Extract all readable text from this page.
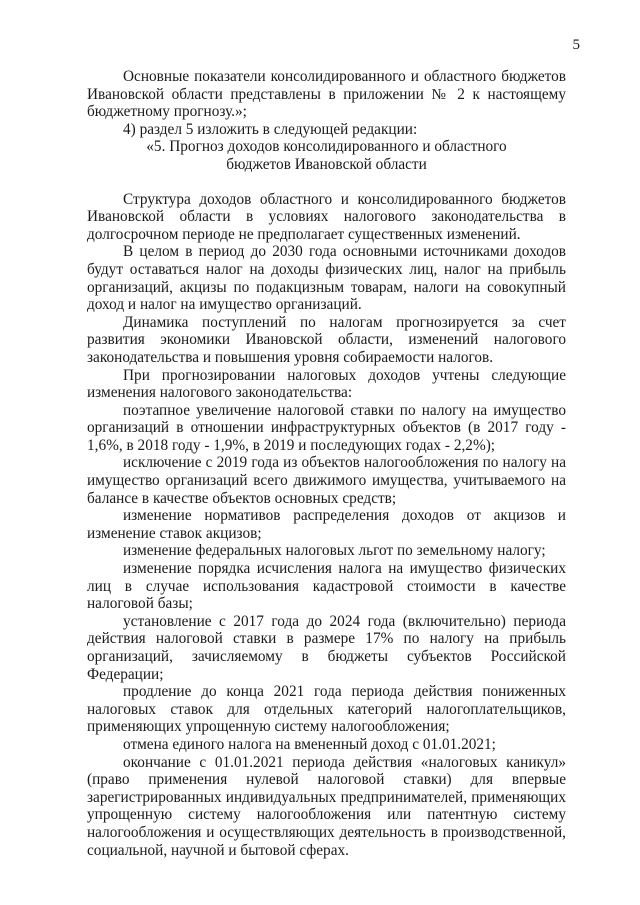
5

Основные показатели консолидированного и областного бюджетов Ивановской области представлены в приложении № 2 к настоящему бюджетному прогнозу.»;

4) раздел 5 изложить в следующей редакции:

«5. Прогноз доходов консолидированного и областного

бюджетов Ивановской области

Структура доходов областного и консолидированного бюджетов Ивановской области в условиях налогового законодательства в долгосрочном периоде не предполагает существенных изменений.

В целом в период до 2030 года основными источниками доходов будут оставаться налог на доходы физических лиц, налог на прибыль организаций, акцизы по подакцизным товарам, налоги на совокупный доход и налог на имущество организаций.

Динамика поступлений по налогам прогнозируется за счет развития экономики Ивановской области, изменений налогового законодательства и повышения уровня собираемости налогов.

При прогнозировании налоговых доходов учтены следующие изменения налогового законодательства:

поэтапное увеличение налоговой ставки по налогу на имущество организаций в отношении инфраструктурных объектов (в 2017 году - 1,6%, в 2018 году - 1,9%, в 2019 и последующих годах - 2,2%);

исключение с 2019 года из объектов налогообложения по налогу на имущество организаций всего движимого имущества, учитываемого на балансе в качестве объектов основных средств;

изменение нормативов распределения доходов от акцизов и изменение ставок акцизов;

изменение федеральных налоговых льгот по земельному налогу;

изменение порядка исчисления налога на имущество физических лиц в случае использования кадастровой стоимости в качестве налоговой базы;

установление с 2017 года до 2024 года (включительно) периода действия налоговой ставки в размере 17% по налогу на прибыль организаций, зачисляемому в бюджеты субъектов Российской Федерации;

продление до конца 2021 года периода действия пониженных налоговых ставок для отдельных категорий налогоплательщиков, применяющих упрощенную систему налогообложения;

отмена единого налога на вмененный доход с 01.01.2021;

окончание с 01.01.2021 периода действия «налоговых каникул» (право применения нулевой налоговой ставки) для впервые зарегистрированных индивидуальных предпринимателей, применяющих упрощенную систему налогообложения или патентную систему налогообложения и осуществляющих деятельность в производственной, социальной, научной и бытовой сферах.
